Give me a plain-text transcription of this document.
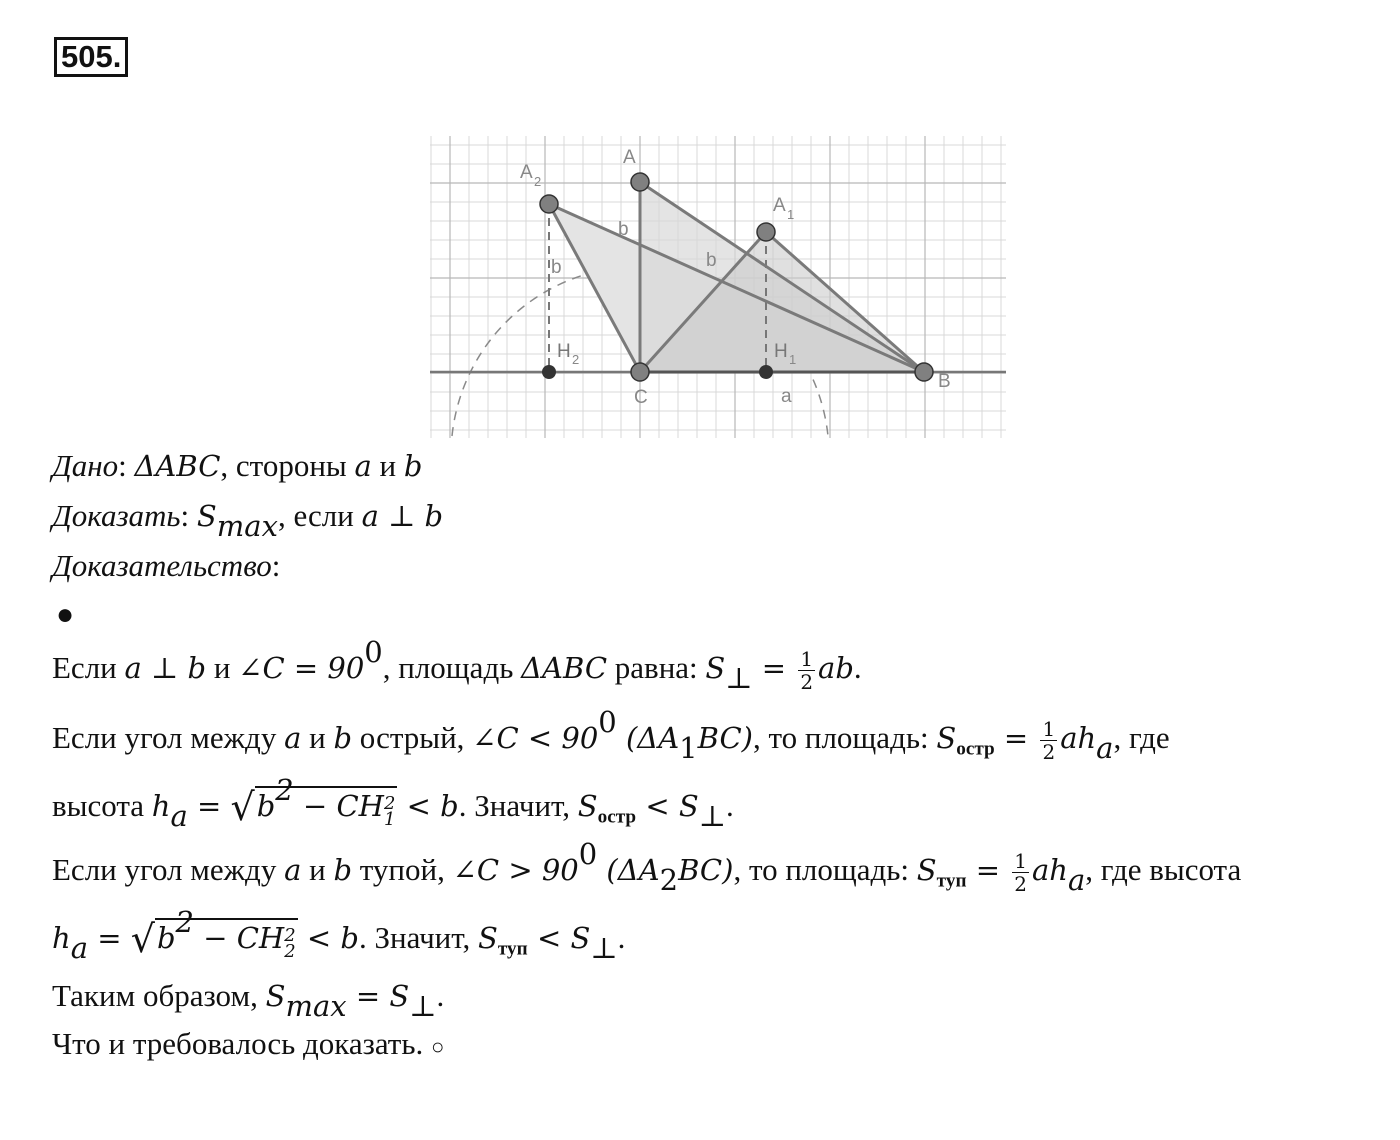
505.
A
A 2
A 1
B
C
H 2	H 1
b
b
b
a
Дано: ΔABC, стороны a и b
Доказать: $S_{max}$, если a ⊥ b
Доказательство:
●
Если a ⊥ b и ∠C = $90^0$, площадь ΔABC равна: $S_\perp = \frac{1}{2}$ ab.
Если угол между a и b острый, ∠C < $90^0$ $(\Delta A_1BC)$, то площадь: $S_{остр} = \frac{1}{2} ah_a$, где
высота $h_a = √b^2$ − CH 2
1 < b. Значит, $S_{остр} < S_\perp$.
Если угол между a и b тупой, ∠C > $90^0$ $(\Delta A_2BC)$, то площадь: $S_{туп} = \frac{1}{2} ah_a$, где высота
$h_a = √b^2$ − CH 2
2 < b. Значит, $S_{туп} < S_\perp$.
Таким образом, $S_{max} = S_\perp$.
Что и требовалось доказать. ○
